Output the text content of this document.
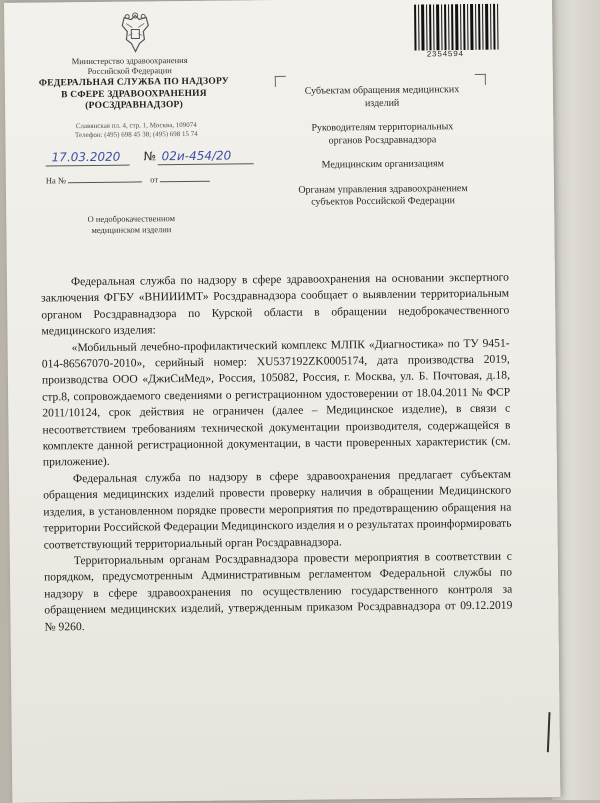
Министерство здравоохранения
Российской Федерации
ФЕДЕРАЛЬНАЯ СЛУЖБА ПО НАДЗОРУ
В СФЕРЕ ЗДРАВООХРАНЕНИЯ
(РОСЗДРАВНАДЗОР)
Славянская пл. 4, стр. 1, Москва, 109074
Телефон: (495) 698 45 38; (495) 698 15 74
17.03.2020 № 02и-454/20
На №	от
О недоброкачественном
медицинском изделии
Субъектам обращения медицинских изделий
Руководителям территориальных органов Росздравнадзора
Медицинским организациям
Органам управления здравоохранением субъектов Российской Федерации
2354594

Федеральная служба по надзору в сфере здравоохранения на основании экспертного заключения ФГБУ «ВНИИИМТ» Росздравнадзора сообщает о выявлении территориальным органом Росздравнадзора по Курской области в обращении недоброкачественного медицинского изделия:

«Мобильный лечебно-профилактический комплекс МЛПК «Диагностика» по ТУ 9451-014-86567070-2010», серийный номер: XU537192ZK0005174, дата производства 2019, производства ООО «ДжиСиМед», Россия, 105082, Россия, г. Москва, ул. Б. Почтовая, д.18, стр.8, сопровождаемого сведениями о регистрационном удостоверении от 18.04.2011 № ФСР 2011/10124, срок действия не ограничен (далее – Медицинское изделие), в связи с несоответствием требованиям технической документации производителя, содержащейся в комплекте данной регистрационной документации, в части проверенных характеристик (см. приложение).

Федеральная служба по надзору в сфере здравоохранения предлагает субъектам обращения медицинских изделий провести проверку наличия в обращении Медицинского изделия, в установленном порядке провести мероприятия по предотвращению обращения на территории Российской Федерации Медицинского изделия и о результатах проинформировать соответствующий территориальный орган Росздравнадзора.

Территориальным органам Росздравнадзора провести мероприятия в соответствии с порядком, предусмотренным Административным регламентом Федеральной службы по надзору в сфере здравоохранения по осуществлению государственного контроля за обращением медицинских изделий, утвержденным приказом Росздравнадзора от 09.12.2019 № 9260.
